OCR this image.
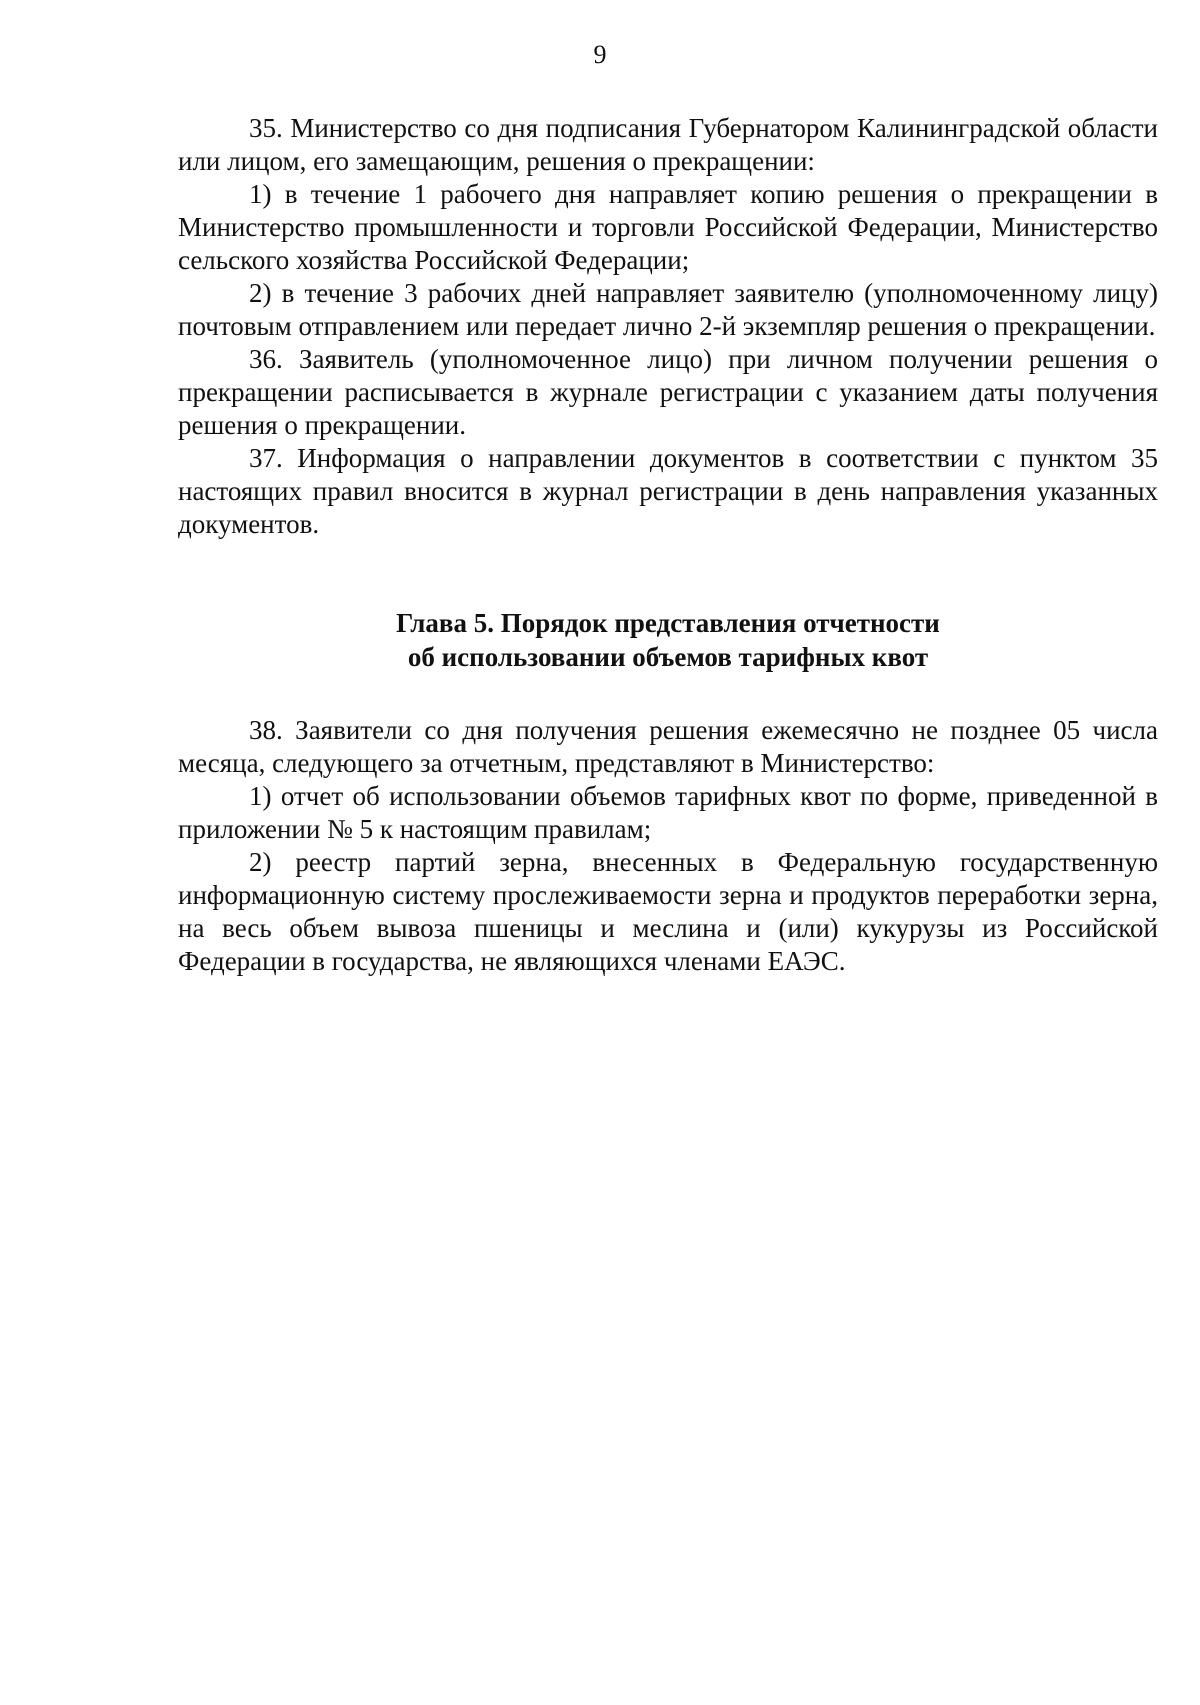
9

35. Министерство со дня подписания Губернатором Калининградской области или лицом, его замещающим, решения о прекращении:

1) в течение 1 рабочего дня направляет копию решения о прекращении в Министерство промышленности и торговли Российской Федерации, Министерство сельского хозяйства Российской Федерации;

2) в течение 3 рабочих дней направляет заявителю (уполномоченному лицу) почтовым отправлением или передает лично 2-й экземпляр решения о прекращении.

36. Заявитель (уполномоченное лицо) при личном получении решения о прекращении расписывается в журнале регистрации с указанием даты получения решения о прекращении.

37. Информация о направлении документов в соответствии с пунктом 35 настоящих правил вносится в журнал регистрации в день направления указанных документов.

Глава 5. Порядок представления отчетности
об использовании объемов тарифных квот

38. Заявители со дня получения решения ежемесячно не позднее 05 числа месяца, следующего за отчетным, представляют в Министерство:

1) отчет об использовании объемов тарифных квот по форме, приведенной в приложении № 5 к настоящим правилам;

2) реестр партий зерна, внесенных в Федеральную государственную информационную систему прослеживаемости зерна и продуктов переработки зерна, на весь объем вывоза пшеницы и меслина и (или) кукурузы из Российской Федерации в государства, не являющихся членами ЕАЭС.
